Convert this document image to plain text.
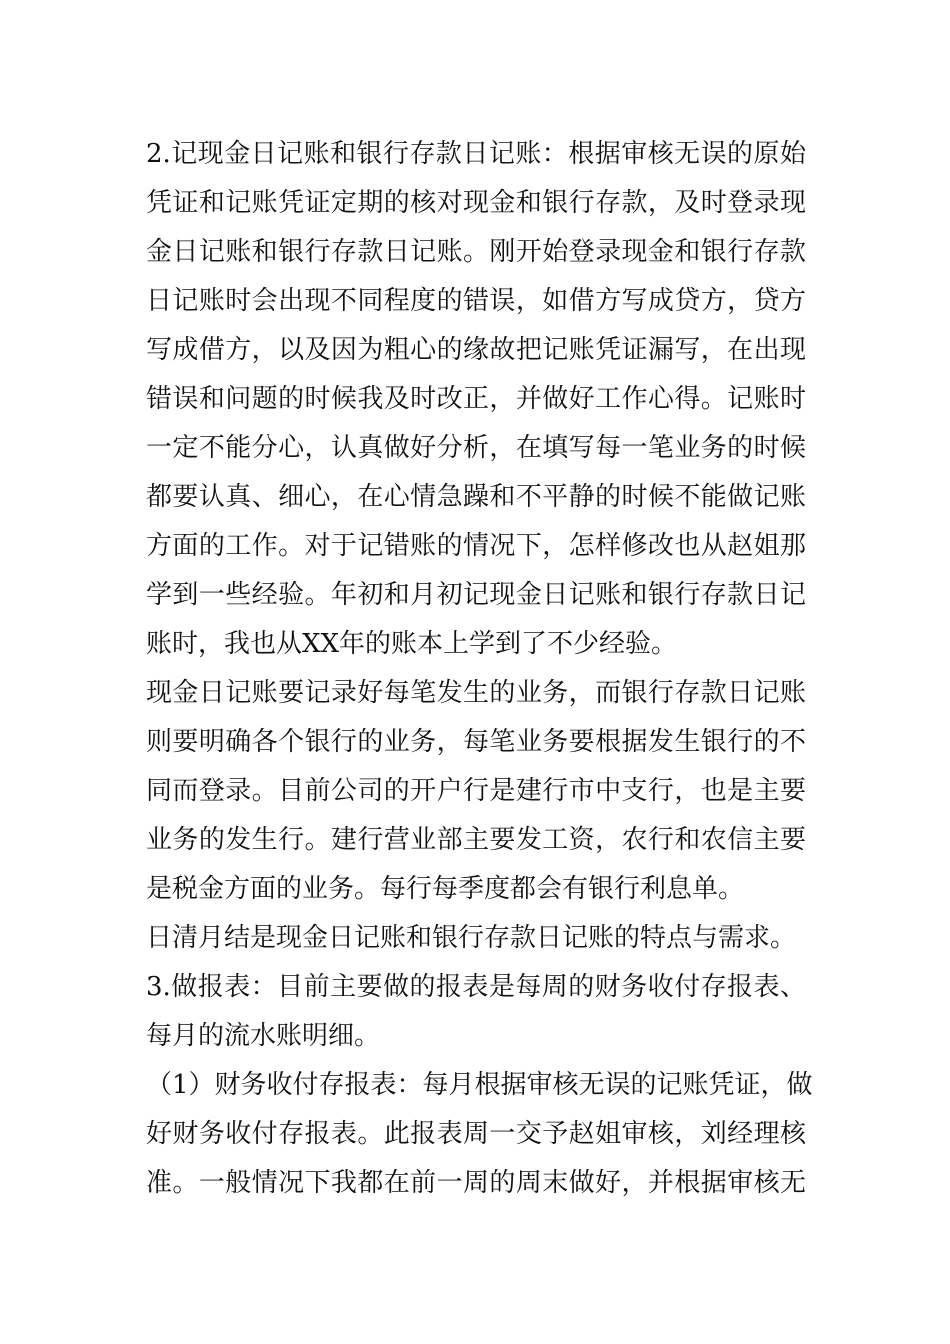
2.记现金日记账和银行存款日记账：根据审核无误的原始
凭证和记账凭证定期的核对现金和银行存款，及时登录现
金日记账和银行存款日记账。刚开始登录现金和银行存款
日记账时会出现不同程度的错误，如借方写成贷方，贷方
写成借方，以及因为粗心的缘故把记账凭证漏写，在出现
错误和问题的时候我及时改正，并做好工作心得。记账时
一定不能分心，认真做好分析，在填写每一笔业务的时候
都要认真、细心，在心情急躁和不平静的时候不能做记账
方面的工作。对于记错账的情况下，怎样修改也从赵姐那
学到一些经验。年初和月初记现金日记账和银行存款日记
账时，我也从XX年的账本上学到了不少经验。
现金日记账要记录好每笔发生的业务，而银行存款日记账
则要明确各个银行的业务，每笔业务要根据发生银行的不
同而登录。目前公司的开户行是建行市中支行，也是主要
业务的发生行。建行营业部主要发工资，农行和农信主要
是税金方面的业务。每行每季度都会有银行利息单。
日清月结是现金日记账和银行存款日记账的特点与需求。
3.做报表：目前主要做的报表是每周的财务收付存报表、
每月的流水账明细。
（1）财务收付存报表：每月根据审核无误的记账凭证，做
好财务收付存报表。此报表周一交予赵姐审核，刘经理核
准。一般情况下我都在前一周的周末做好，并根据审核无
